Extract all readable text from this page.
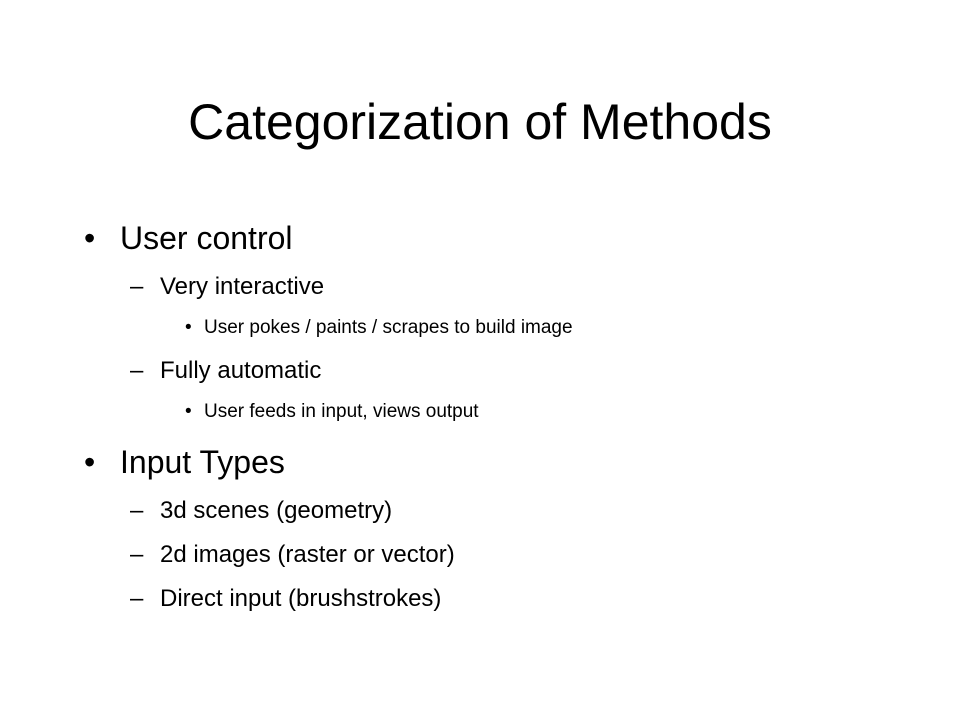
Categorization of Methods
• User control
– Very interactive
• User pokes / paints / scrapes to build image
– Fully automatic
• User feeds in input, views output
• Input Types
– 3d scenes (geometry)
– 2d images (raster or vector)
– Direct input (brushstrokes)
